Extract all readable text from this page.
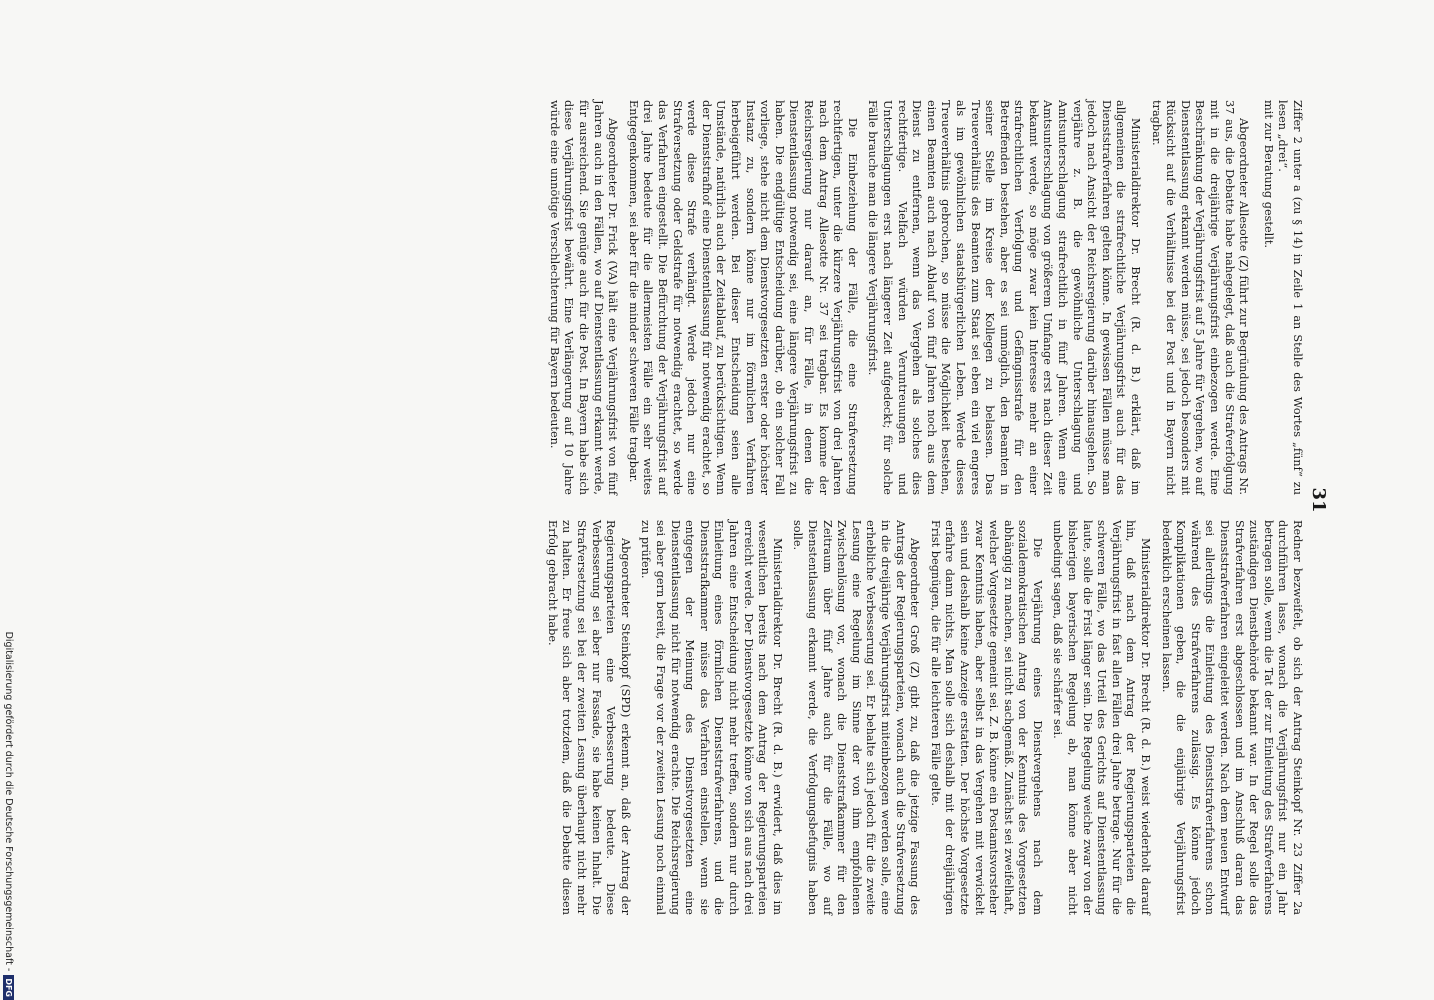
31

Ziffer 2 unter a (zu § 14) in Zeile 1 an Stelle des Wortes „fünf“ zu lesen „drei“.

mit zur Beratung gestellt.

Abgeordneter Allesotte (Z) führt zur Begründung des Antrags Nr. 37 aus, die Debatte habe nahegelegt, daß auch die Strafverfolgung mit in die dreijährige Verjährungsfrist einbezogen werde. Eine Beschränkung der Verjährungsfrist auf 5 Jahre für Vergehen, wo auf Dienstentlassung erkannt werden müsse, sei jedoch besonders mit Rücksicht auf die Verhältnisse bei der Post und in Bayern nicht tragbar.

Ministerialdirektor Dr. Brecht (R. d. B.) erklärt, daß im allgemeinen die strafrechtliche Verjährungsfrist auch für das Dienststrafverfahren gelten könne. In gewissen Fällen müsse man jedoch nach Ansicht der Reichsregierung darüber hinausgehen. So verjähre z. B. die gewöhnliche Unterschlagung und Amtsunterschlagung strafrechtlich in fünf Jahren. Wenn eine Amtsunterschlagung von größerem Umfange erst nach dieser Zeit bekannt werde, so möge zwar kein Interesse mehr an einer strafrechtlichen Verfolgung und Gefängnisstrafe für den Betreffenden bestehen, aber es sei unmöglich, den Beamten in seiner Stelle im Kreise der Kollegen zu belassen. Das Treueverhältnis des Beamten zum Staat sei eben ein viel engeres als im gewöhnlichen staatsbürgerlichen Leben. Werde dieses Treueverhältnis gebrochen, so müsse die Möglichkeit bestehen, einen Beamten auch nach Ablauf von fünf Jahren noch aus dem Dienst zu entfernen, wenn das Vergehen als solches dies rechtfertige. Vielfach würden Veruntreuungen und Unterschlagungen erst nach längerer Zeit aufgedeckt; für solche Fälle brauche man die längere Verjährungsfrist.

Die Einbeziehung der Fälle, die eine Strafversetzung rechtfertigen, unter die kürzere Verjährungsfrist von drei Jahren nach dem Antrag Allesotte Nr. 37 sei tragbar. Es komme der Reichsregierung nur darauf an, für Fälle, in denen die Dienstentlassung notwendig sei, eine längere Verjährungsfrist zu haben. Die endgültige Entscheidung darüber, ob ein solcher Fall vorliege, stehe nicht dem Dienstvorgesetzten erster oder höchster Instanz zu, sondern könne nur im förmlichen Verfahren herbeigeführt werden. Bei dieser Entscheidung seien alle Umstände, natürlich auch der Zeitablauf, zu berücksichtigen. Wenn der Dienststrafhof eine Dienstentlassung für notwendig erachtet, so werde diese Strafe verhängt. Werde jedoch nur eine Strafversetzung oder Geldstrafe für notwendig erachtet, so werde das Verfahren eingestellt. Die Befürchtung der Verjährungsfrist auf drei Jahre bedeute für die allermeisten Fälle ein sehr weites Entgegenkommen, sei aber für die minder schweren Fälle tragbar.

Abgeordneter Dr. Frick (VA) hält eine Verjährungsfrist von fünf Jahren auch in den Fällen, wo auf Dienstentlassung erkannt werde, für ausreichend. Sie genüge auch für die Post. In Bayern habe sich diese Verjährungsfrist bewährt. Eine Verlängerung auf 10 Jahre würde eine unnötige Verschlechterung für Bayern bedeuten.

Redner bezweifelt, ob sich der Antrag Steinkopf Nr. 23 Ziffer 2a durchführen lasse, wonach die Verjährungsfrist nur ein Jahr betragen solle, wenn die Tat der zur Einleitung des Strafverfahrens zuständigen Dienstbehörde bekannt war. In der Regel solle das Strafverfahren erst abgeschlossen und im Anschluß daran das Dienststrafverfahren eingeleitet werden. Nach dem neuen Entwurf sei allerdings die Einleitung des Dienststrafverfahrens schon während des Strafverfahrens zulässig. Es könne jedoch Komplikationen geben, die die einjährige Verjährungsfrist bedenklich erscheinen lassen.

Ministerialdirektor Dr. Brecht (R. d. B.) weist wiederholt darauf hin, daß nach dem Antrag der Regierungsparteien die Verjährungsfrist in fast allen Fällen drei Jahre betrage. Nur für die schweren Fälle, wo das Urteil des Gerichts auf Dienstentlassung laute, solle die Frist länger sein. Die Regelung weiche zwar von der bisherigen bayerischen Regelung ab, man könne aber nicht unbedingt sagen, daß sie schärfer sei.

Die Verjährung eines Dienstvergehens nach dem sozialdemokratischen Antrag von der Kenntnis des Vorgesetzten abhängig zu machen, sei nicht sachgemäß. Zunächst sei zweifelhaft, welcher Vorgesetzte gemeint sei. Z. B. könne ein Postamtsvorsteher zwar Kenntnis haben, aber selbst in das Vergehen mit verwickelt sein und deshalb keine Anzeige erstatten. Der höchste Vorgesetzte erfahre dann nichts. Man solle sich deshalb mit der dreijährigen Frist begnügen, die für alle leichteren Fälle gelte.

Abgeordneter Groß (Z) gibt zu, daß die jetzige Fassung des Antrags der Regierungsparteien, wonach auch die Strafversetzung in die dreijährige Verjährungsfrist miteinbezogen werden solle, eine erhebliche Verbesserung sei. Er behalte sich jedoch für die zweite Lesung eine Regelung im Sinne der von ihm empfohlenen Zwischenlösung vor, wonach die Dienststrafkammer für den Zeitraum über fünf Jahre auch für die Fälle, wo auf Dienstentlassung erkannt werde, die Verfolgungsbefugnis haben solle.

Ministerialdirektor Dr. Brecht (R. d. B.) erwidert, daß dies im wesentlichen bereits nach dem Antrag der Regierungsparteien erreicht werde. Der Dienstvorgesetzte könne von sich aus nach drei Jahren eine Entscheidung nicht mehr treffen, sondern nur durch Einleitung eines förmlichen Dienststrafverfahrens, und die Dienststrafkammer müsse das Verfahren einstellen, wenn sie entgegen der Meinung des Dienstvorgesetzten eine Dienstentlassung nicht für notwendig erachte. Die Reichsregierung sei aber gern bereit, die Frage vor der zweiten Lesung noch einmal zu prüfen.

Abgeordneter Steinkopf (SPD) erkennt an, daß der Antrag der Regierungsparteien eine Verbesserung bedeute. Diese Verbesserung sei aber nur Fassade, sie habe keinen Inhalt. Die Strafversetzung sei bei der zweiten Lesung überhaupt nicht mehr zu halten. Er freue sich aber trotzdem, daß die Debatte diesen Erfolg gebracht habe.

Digitalisierung gefördert durch die Deutsche Forschungsgemeinschaft -
DFG
